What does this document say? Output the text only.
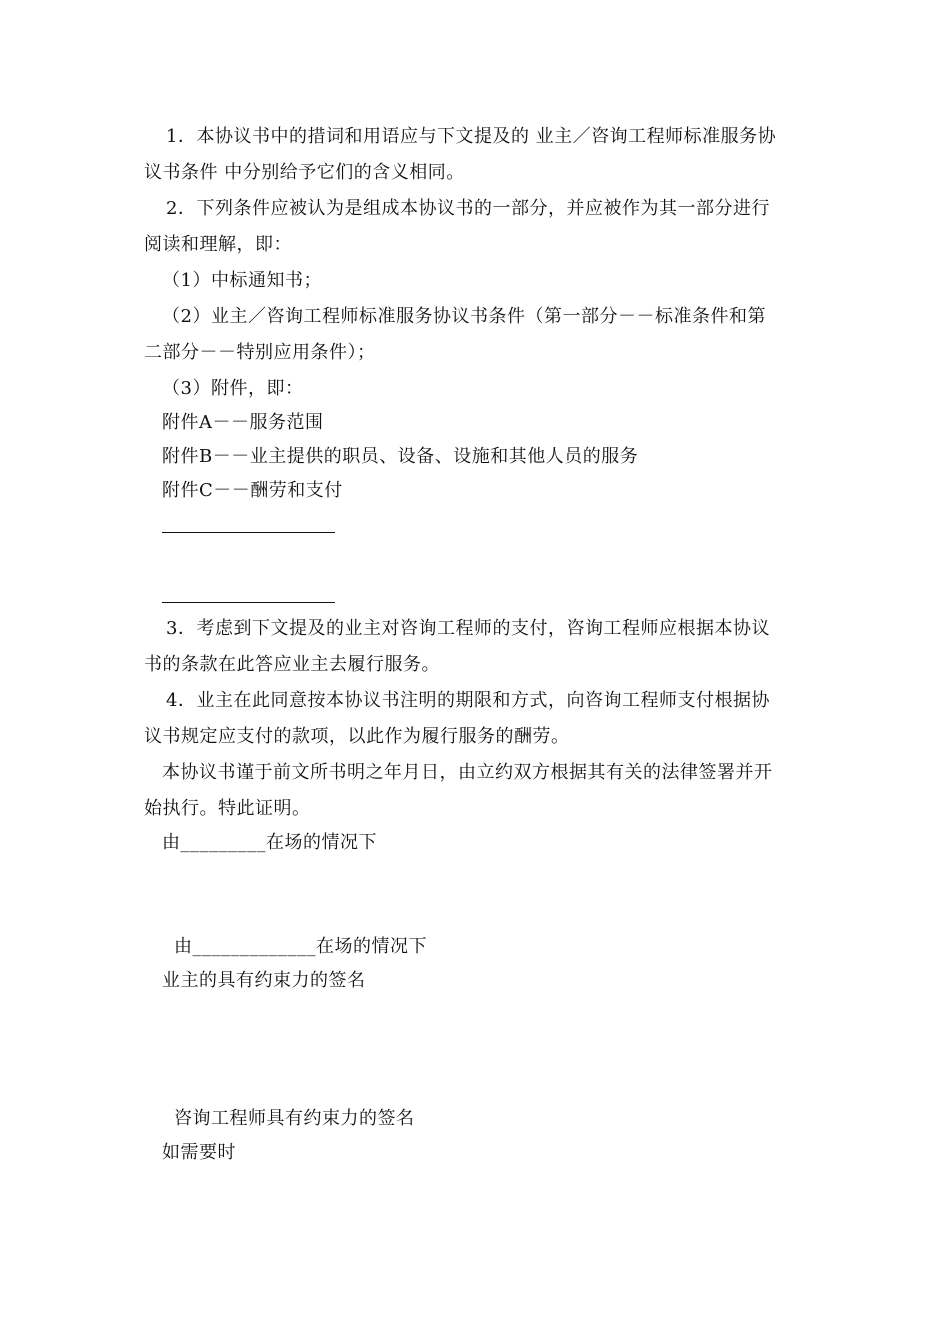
1．本协议书中的措词和用语应与下文提及的 业主／咨询工程师标准服务协
议书条件 中分别给予它们的含义相同。
2．下列条件应被认为是组成本协议书的一部分，并应被作为其一部分进行
阅读和理解，即：
（1）中标通知书；
（2）业主／咨询工程师标准服务协议书条件（第一部分－－标准条件和第
二部分－－特别应用条件）；
（3）附件，即：
附件A－－服务范围
附件B－－业主提供的职员、设备、设施和其他人员的服务
附件C－－酬劳和支付
3．考虑到下文提及的业主对咨询工程师的支付，咨询工程师应根据本协议
书的条款在此答应业主去履行服务。
4．业主在此同意按本协议书注明的期限和方式，向咨询工程师支付根据协
议书规定应支付的款项，以此作为履行服务的酬劳。
本协议书谨于前文所书明之年月日，由立约双方根据其有关的法律签署并开
始执行。特此证明。
由_________在场的情况下
由_____________在场的情况下
业主的具有约束力的签名
咨询工程师具有约束力的签名
如需要时
